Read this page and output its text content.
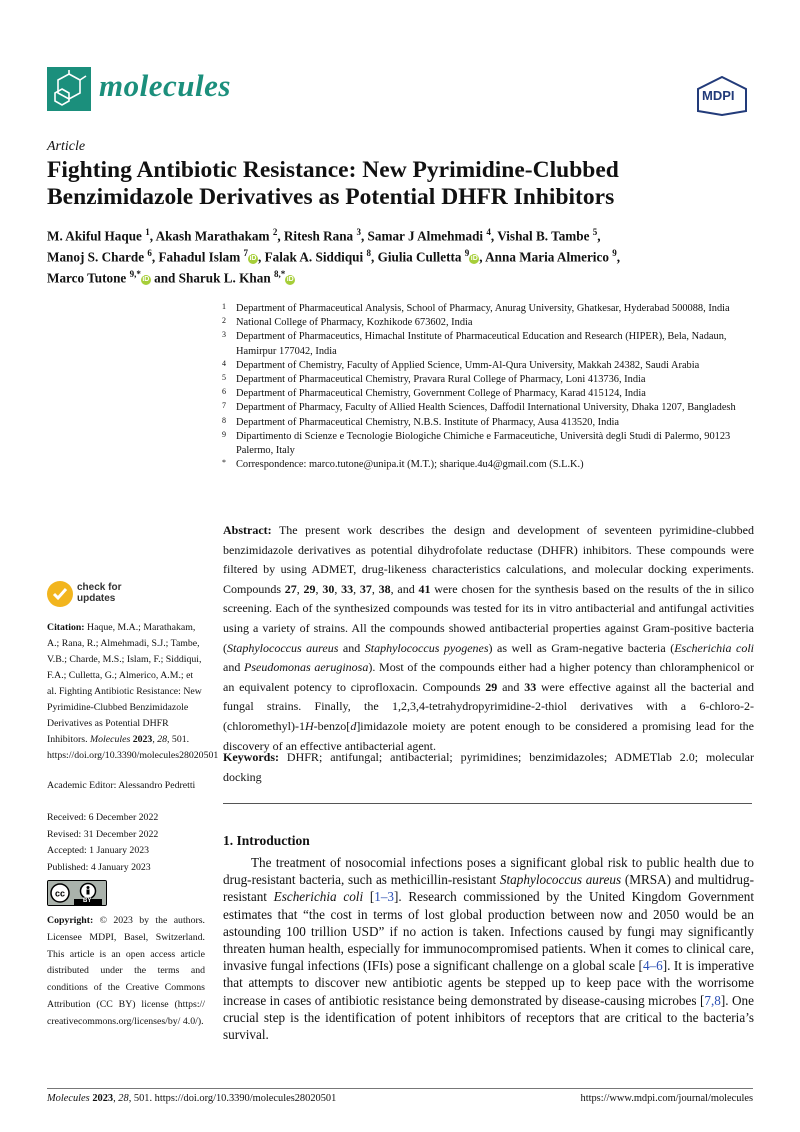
molecules	MDPI
Article
Fighting Antibiotic Resistance: New Pyrimidine-Clubbed
Benzimidazole Derivatives as Potential DHFR Inhibitors
M. Akiful Haque $^1$, Akash Marathakam $^2$, Ritesh Rana $^3$, Samar J Almehmadi $^4$, Vishal B. Tambe $^5$,
Manoj S. Charde $^6$, Fahadul Islam $^7$iD , Falak A. Siddiqui $^8$, Giulia Culletta $^9$iD , Anna Maria Almerico $^9$,
Marco Tutone $^{9,*}$iD and Sharuk L. Khan $^{8,*}$iD
1 Department of Pharmaceutical Analysis, School of Pharmacy, Anurag University, Ghatkesar, Hyderabad 500088, India
2 National College of Pharmacy, Kozhikode 673602, India
3 Department of Pharmaceutics, Himachal Institute of Pharmaceutical Education and Research (HIPER), Bela, Nadaun, Hamirpur 177042, India
4 Department of Chemistry, Faculty of Applied Science, Umm-Al-Qura University, Makkah 24382, Saudi Arabia
5 Department of Pharmaceutical Chemistry, Pravara Rural College of Pharmacy, Loni 413736, India
6 Department of Pharmaceutical Chemistry, Government College of Pharmacy, Karad 415124, India
7 Department of Pharmacy, Faculty of Allied Health Sciences, Daffodil International University, Dhaka 1207, Bangladesh
8 Department of Pharmaceutical Chemistry, N.B.S. Institute of Pharmacy, Ausa 413520, India
9 Dipartimento di Scienze e Tecnologie Biologiche Chimiche e Farmaceutiche, Università degli Studi di Palermo, 90123 Palermo, Italy
* Correspondence: marco.tutone@unipa.it (M.T.); sharique.4u4@gmail.com (S.L.K.)
Abstract: The present work describes the design and development of seventeen pyrimidine-clubbed benzimidazole derivatives as potential dihydrofolate reductase (DHFR) inhibitors. These compounds were filtered by using ADMET, drug-likeness characteristics calculations, and molecular docking experiments. Compounds 27, 29, 30, 33, 37, 38, and 41 were chosen for the synthesis based on the results of the in silico screening. Each of the synthesized compounds was tested for its in vitro antibacterial and antifungal activities using a variety of strains. All the compounds showed antibacterial properties against Gram-positive bacteria (Staphylococcus aureus and Staphylococcus pyogenes) as well as Gram-negative bacteria (Escherichia coli and Pseudomonas aeruginosa). Most of the compounds either had a higher potency than chloramphenicol or an equivalent potency to ciprofloxacin. Compounds 29 and 33 were effective against all the bacterial and fungal strains. Finally, the 1,2,3,4-tetrahydropyrimidine-2-thiol derivatives with a 6-chloro-2-(chloromethyl)-1H-benzo[d]imidazole moiety are potent enough to be considered a promising lead for the discovery of an effective antibacterial agent.
Keywords: DHFR; antifungal; antibacterial; pyrimidines; benzimidazoles; ADMETlab 2.0; molecular docking
check for
updates
Citation: Haque, M.A.; Marathakam, A.; Rana, R.; Almehmadi, S.J.; Tambe, V.B.; Charde, M.S.; Islam, F.; Siddiqui, F.A.; Culletta, G.; Almerico, A.M.; et al. Fighting Antibiotic Resistance: New Pyrimidine-Clubbed Benzimidazole Derivatives as Potential DHFR Inhibitors. Molecules 2023, 28, 501. https://doi.org/10.3390/molecules28020501
Academic Editor: Alessandro Pedretti
Received: 6 December 2022
Revised: 31 December 2022
Accepted: 1 January 2023
Published: 4 January 2023
cc
BY
Copyright: © 2023 by the authors. Licensee MDPI, Basel, Switzerland. This article is an open access article distributed under the terms and conditions of the Creative Commons Attribution (CC BY) license (https:// creativecommons.org/licenses/by/ 4.0/).
1. Introduction
The treatment of nosocomial infections poses a significant global risk to public health due to drug-resistant bacteria, such as methicillin-resistant Staphylococcus aureus (MRSA) and multidrug-resistant Escherichia coli [1–3]. Research commissioned by the United Kingdom Government estimates that “the cost in terms of lost global production between now and 2050 would be an astounding 100 trillion USD” if no action is taken. Infections caused by fungi may significantly threaten human health, especially for immunocompromised patients. When it comes to clinical care, invasive fungal infections (IFIs) pose a significant challenge on a global scale [4–6]. It is imperative that attempts to discover new antibiotic agents be stepped up to keep pace with the worrisome increase in cases of antibiotic resistance being demonstrated by disease-causing microbes [7,8]. One crucial step is the identification of potent inhibitors of receptors that are critical to the bacteria’s survival.
Molecules 2023, 28, 501. https://doi.org/10.3390/molecules28020501	https://www.mdpi.com/journal/molecules
